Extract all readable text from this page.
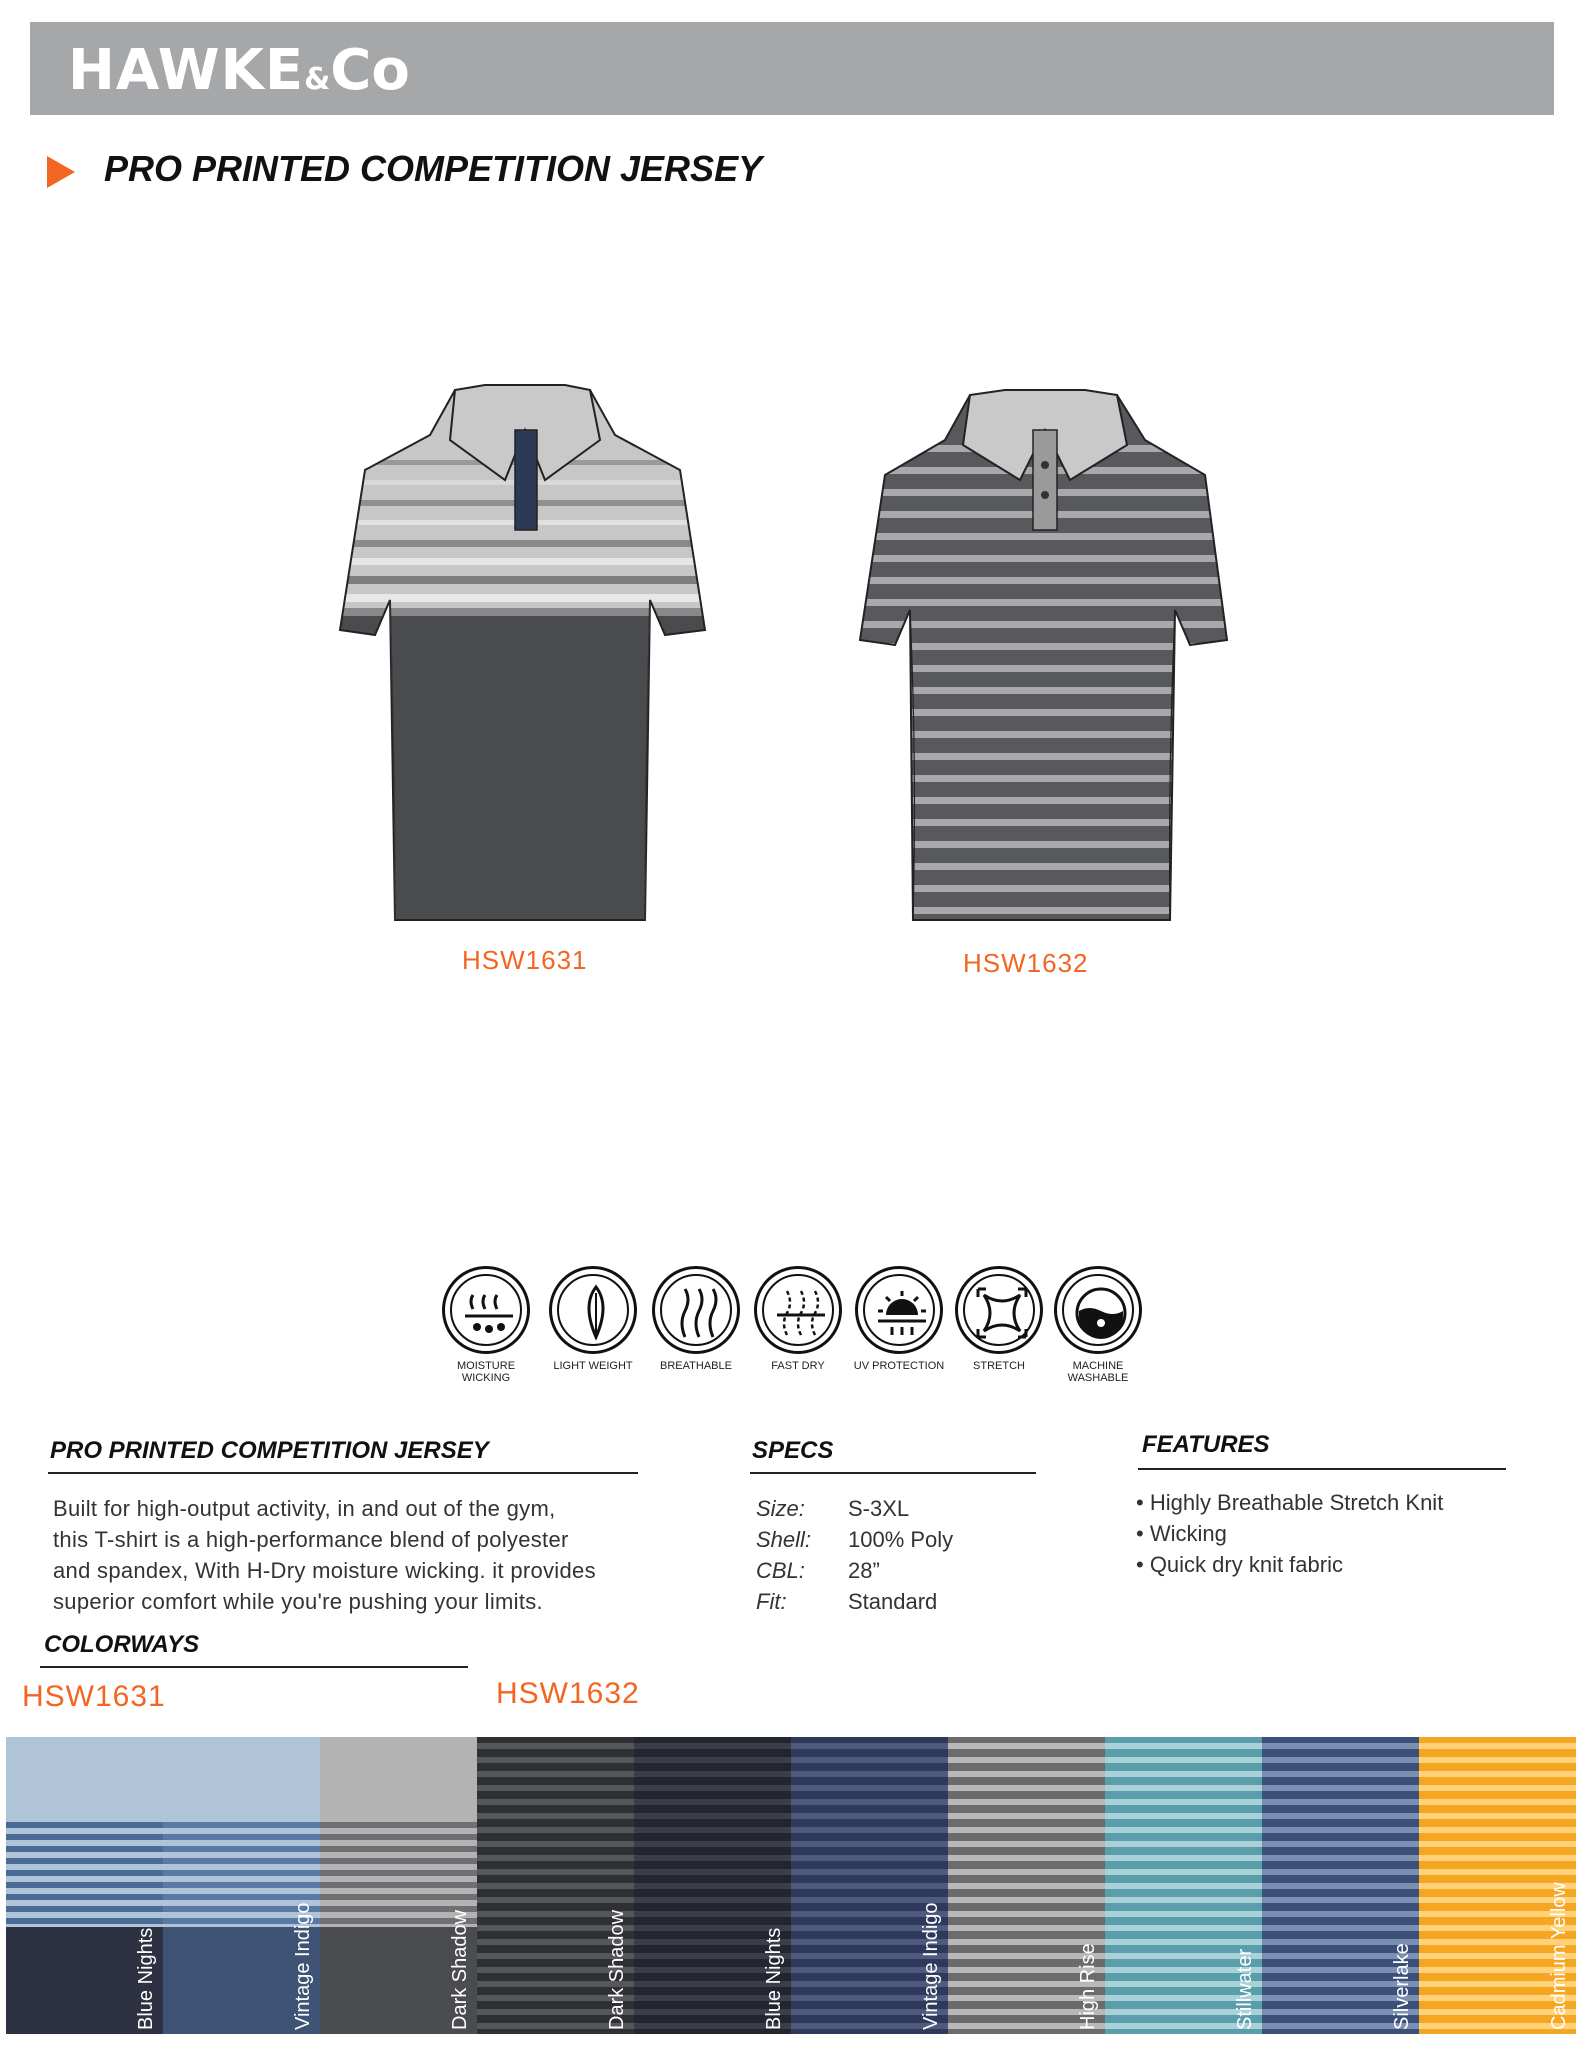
HAWKE&Co
PRO PRINTED COMPETITION JERSEY
HSW1631	HSW1632
MOISTURE WICKING
LIGHT WEIGHT	BREATHABLE	FAST DRY	UV PROTECTION	STRETCH	MACHINE WASHABLE
PRO PRINTED COMPETITION JERSEY
Built for high-output activity, in and out of the gym,
this T-shirt is a high-performance blend of polyester
and spandex, With H-Dry moisture wicking. it provides
superior comfort while you're pushing your limits.
SPECS
Size: S-3XL
Shell: 100% Poly
CBL: 28”
Fit:	Standard
FEATURES
• Highly Breathable Stretch Knit
• Wicking
• Quick dry knit fabric
COLORWAYS
HSW1631	HSW1632
Blue Nights	Vintage Indigo	Dark Shadow	Dark Shadow	Blue Nights	Vintage Indigo	High Rise	Stillwater	Silverlake	Cadmium Yellow
